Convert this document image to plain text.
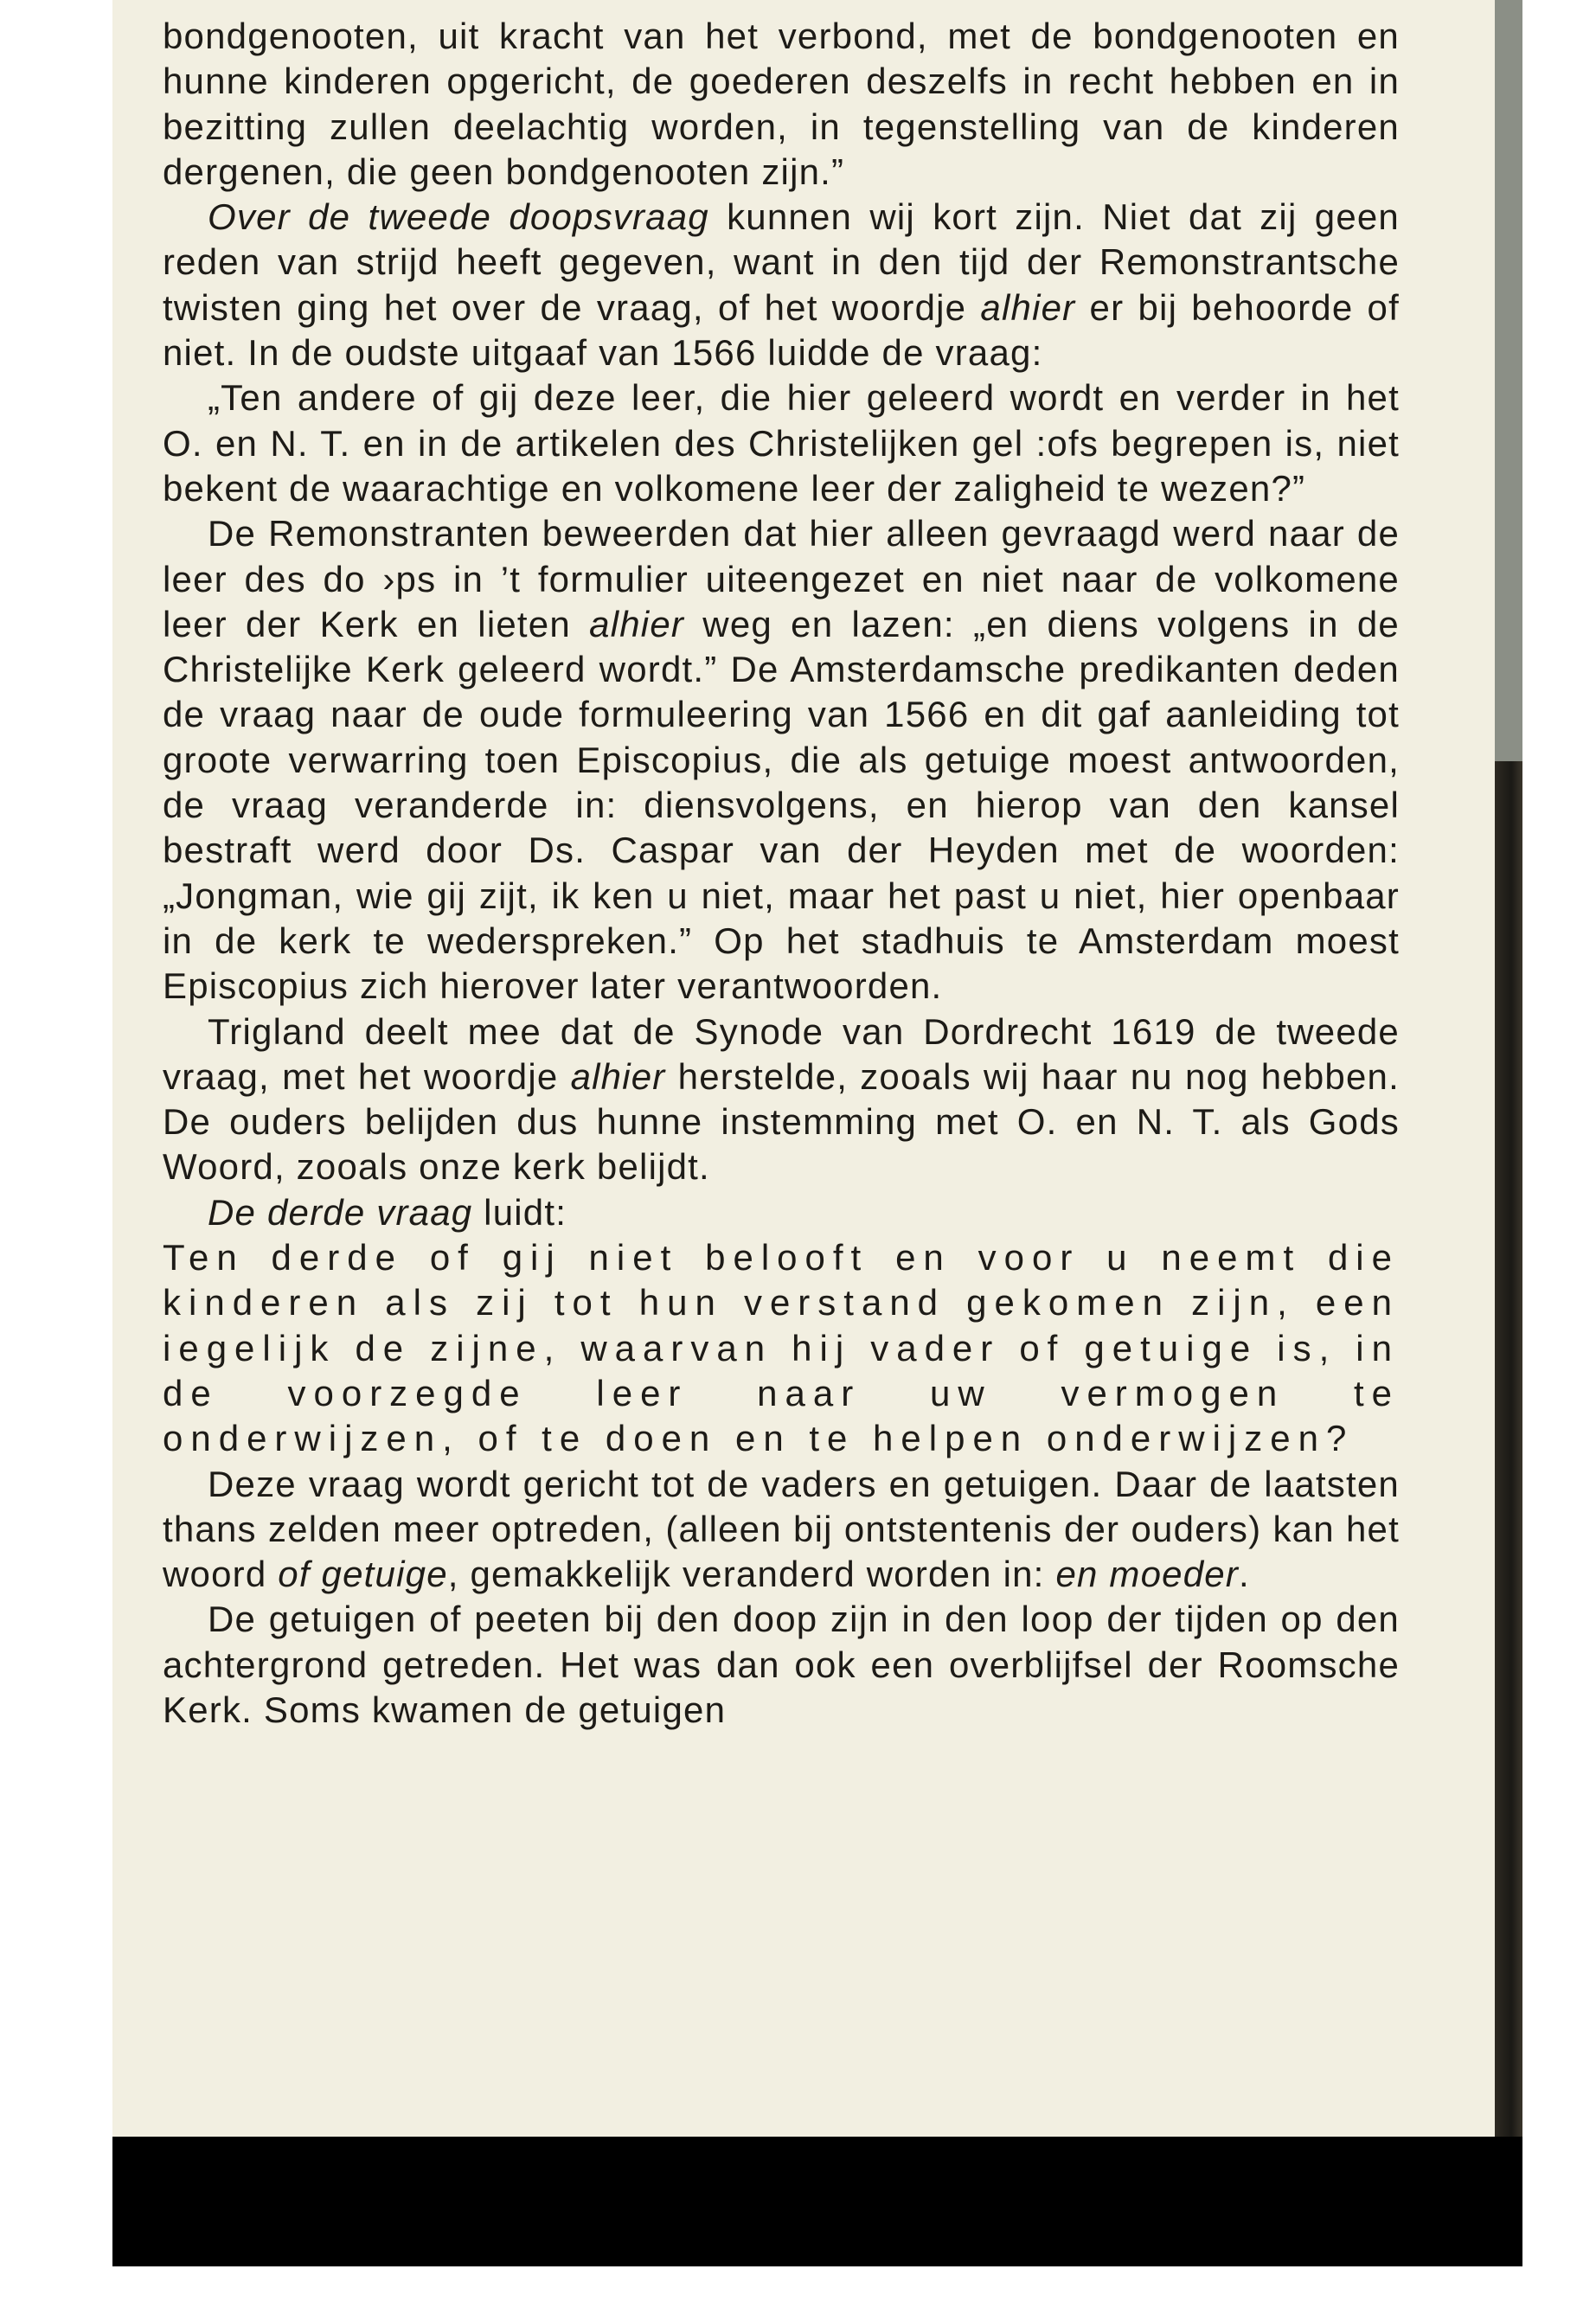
bondgenooten, uit kracht van het verbond, met de bondgenooten en hunne kinderen opgericht, de goederen deszelfs in recht hebben en in bezitting zullen deelachtig worden, in tegenstelling van de kinderen dergenen, die geen bondgenooten zijn.”

Over de tweede doopsvraag kunnen wij kort zijn. Niet dat zij geen reden van strijd heeft gegeven, want in den tijd der Remonstrantsche twisten ging het over de vraag, of het woordje alhier er bij behoorde of niet. In de oudste uitgaaf van 1566 luidde de vraag:

„Ten andere of gij deze leer, die hier geleerd wordt en verder in het O. en N. T. en in de artikelen des Christelijken gel :ofs begrepen is, niet bekent de waarachtige en volkomene leer der zaligheid te wezen?”

De Remonstranten beweerden dat hier alleen gevraagd werd naar de leer des do ›ps in ’t formulier uiteengezet en niet naar de volkomene leer der Kerk en lieten alhier weg en lazen: „en diens volgens in de Christelijke Kerk geleerd wordt.” De Amsterdamsche predikanten deden de vraag naar de oude formuleering van 1566 en dit gaf aanleiding tot groote verwarring toen Episcopius, die als getuige moest antwoorden, de vraag veranderde in: diensvolgens, en hierop van den kansel bestraft werd door Ds. Caspar van der Heyden met de woorden: „Jongman, wie gij zijt, ik ken u niet, maar het past u niet, hier openbaar in de kerk te wederspreken.” Op het stadhuis te Amsterdam moest Episcopius zich hierover later verantwoorden.

Trigland deelt mee dat de Synode van Dordrecht 1619 de tweede vraag, met het woordje alhier herstelde, zooals wij haar nu nog hebben. De ouders belijden dus hunne instemming met O. en N. T. als Gods Woord, zooals onze kerk belijdt.

De derde vraag luidt:

Ten derde of gij niet belooft en voor u neemt die kinderen als zij tot hun verstand gekomen zijn, een iegelijk de zijne, waarvan hij vader of getuige is, in de voorzegde leer naar uw vermogen te onderwijzen, of te doen en te helpen onderwijzen?

Deze vraag wordt gericht tot de vaders en getuigen. Daar de laatsten thans zelden meer optreden, (alleen bij ontstentenis der ouders) kan het woord of getuige, gemakkelijk veranderd worden in: en moeder.

De getuigen of peeten bij den doop zijn in den loop der tijden op den achtergrond getreden. Het was dan ook een overblijfsel der Roomsche Kerk. Soms kwamen de getuigen
